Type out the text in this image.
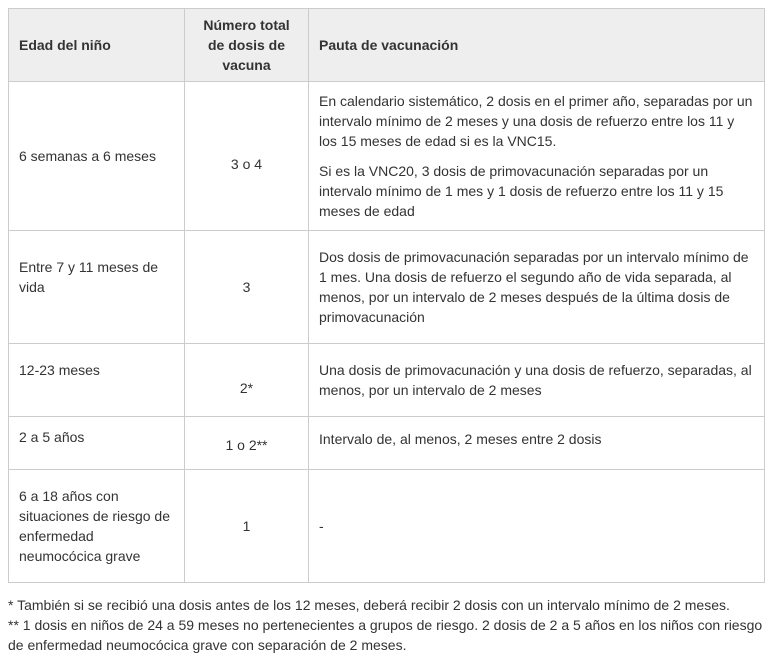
Edad del niño	Número total de dosis de vacuna	Pauta de vacunación
6 semanas a 6 meses	3 o 4	En calendario sistemático, 2 dosis en el primer año, separadas por un intervalo mínimo de 2 meses y una dosis de refuerzo entre los 11 y los 15 meses de edad si es la VNC15.

Si es la VNC20, 3 dosis de primovacunación separadas por un intervalo mínimo de 1 mes y 1 dosis de refuerzo entre los 11 y 15 meses de edad

Entre 7 y 11 meses de vida	3	Dos dosis de primovacunación separadas por un intervalo mínimo de 1 mes. Una dosis de refuerzo el segundo año de vida separada, al menos, por un intervalo de 2 meses después de la última dosis de primovacunación

12-23 meses	2*	Una dosis de primovacunación y una dosis de refuerzo, separadas, al menos, por un intervalo de 2 meses

2 a 5 años	1 o 2**	Intervalo de, al menos, 2 meses entre 2 dosis

6 a 18 años con situaciones de riesgo de enfermedad neumocócica grave	1	-

* También si se recibió una dosis antes de los 12 meses, deberá recibir 2 dosis con un intervalo mínimo de 2 meses.

** 1 dosis en niños de 24 a 59 meses no pertenecientes a grupos de riesgo. 2 dosis de 2 a 5 años en los niños con riesgo de enfermedad neumocócica grave con separación de 2 meses.
